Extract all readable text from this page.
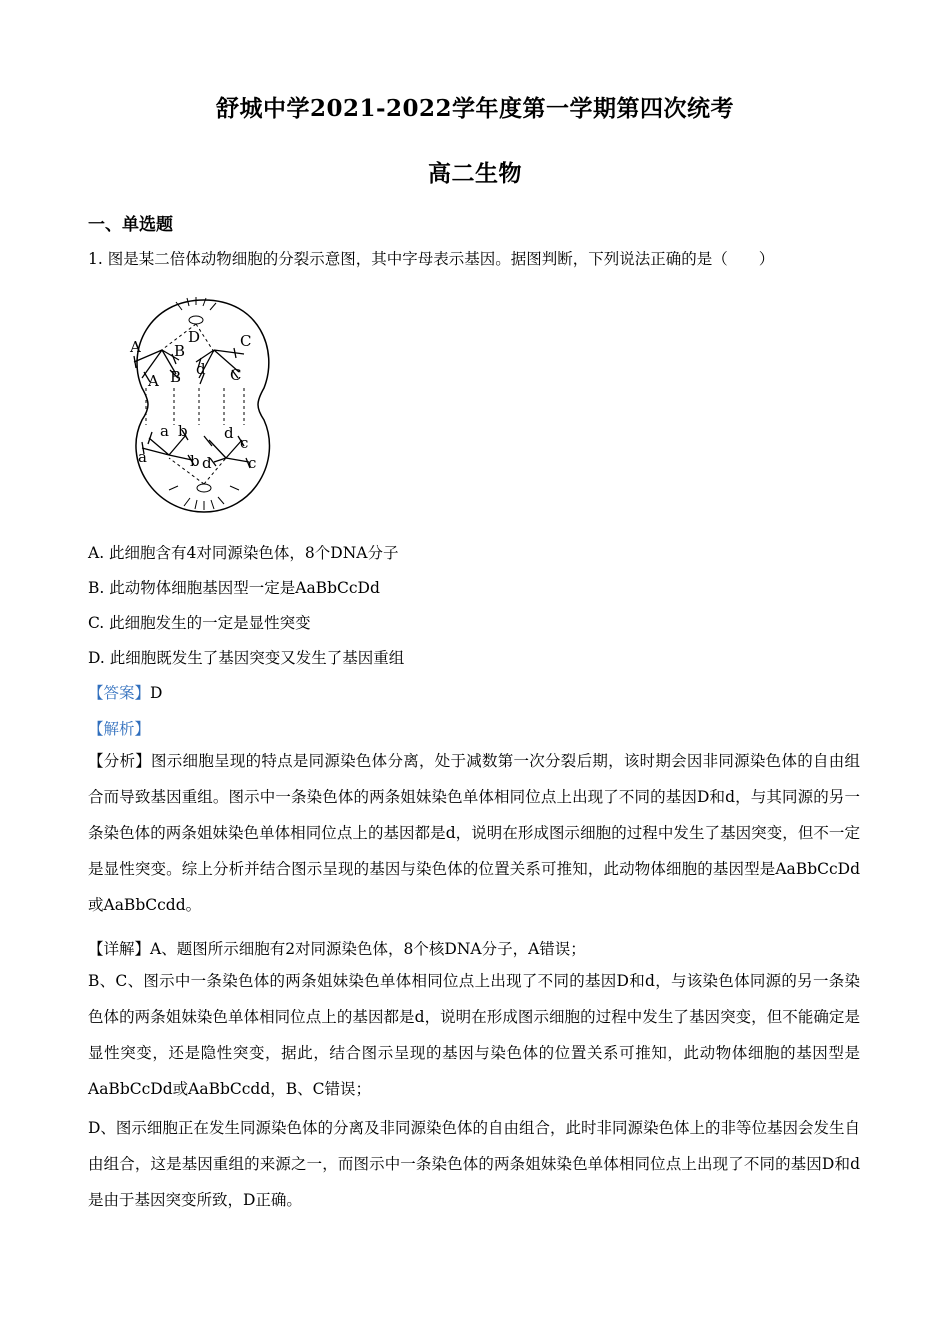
舒城中学2021-2022学年度第一学期第四次统考
高二生物
一、单选题
1. 图是某二倍体动物细胞的分裂示意图，其中字母表示基因。据图判断，下列说法正确的是（　　）
A B
D	C
A B d C
a	b d
a b d
c
c
A. 此细胞含有4对同源染色体，8个DNA分子
B. 此动物体细胞基因型一定是AaBbCcDd
C. 此细胞发生的一定是显性突变
D. 此细胞既发生了基因突变又发生了基因重组
【答案】D
【解析】
【分析】图示细胞呈现的特点是同源染色体分离，处于减数第一次分裂后期，该时期会因非同源染色体的自由组合而导致基因重组。图示中一条染色体的两条姐妹染色单体相同位点上出现了不同的基因D和d，与其同源的另一条染色体的两条姐妹染色单体相同位点上的基因都是d，说明在形成图示细胞的过程中发生了基因突变，但不一定是显性突变。综上分析并结合图示呈现的基因与染色体的位置关系可推知，此动物体细胞的基因型是AaBbCcDd或AaBbCcdd。
【详解】A、题图所示细胞有2对同源染色体，8个核DNA分子，A错误；
B、C、图示中一条染色体的两条姐妹染色单体相同位点上出现了不同的基因D和d，与该染色体同源的另一条染色体的两条姐妹染色单体相同位点上的基因都是d，说明在形成图示细胞的过程中发生了基因突变，但不能确定是显性突变，还是隐性突变，据此，结合图示呈现的基因与染色体的位置关系可推知，此动物体细胞的基因型是AaBbCcDd或AaBbCcdd，B、C错误；
D、图示细胞正在发生同源染色体的分离及非同源染色体的自由组合，此时非同源染色体上的非等位基因会发生自由组合，这是基因重组的来源之一，而图示中一条染色体的两条姐妹染色单体相同位点上出现了不同的基因D和d是由于基因突变所致，D正确。
